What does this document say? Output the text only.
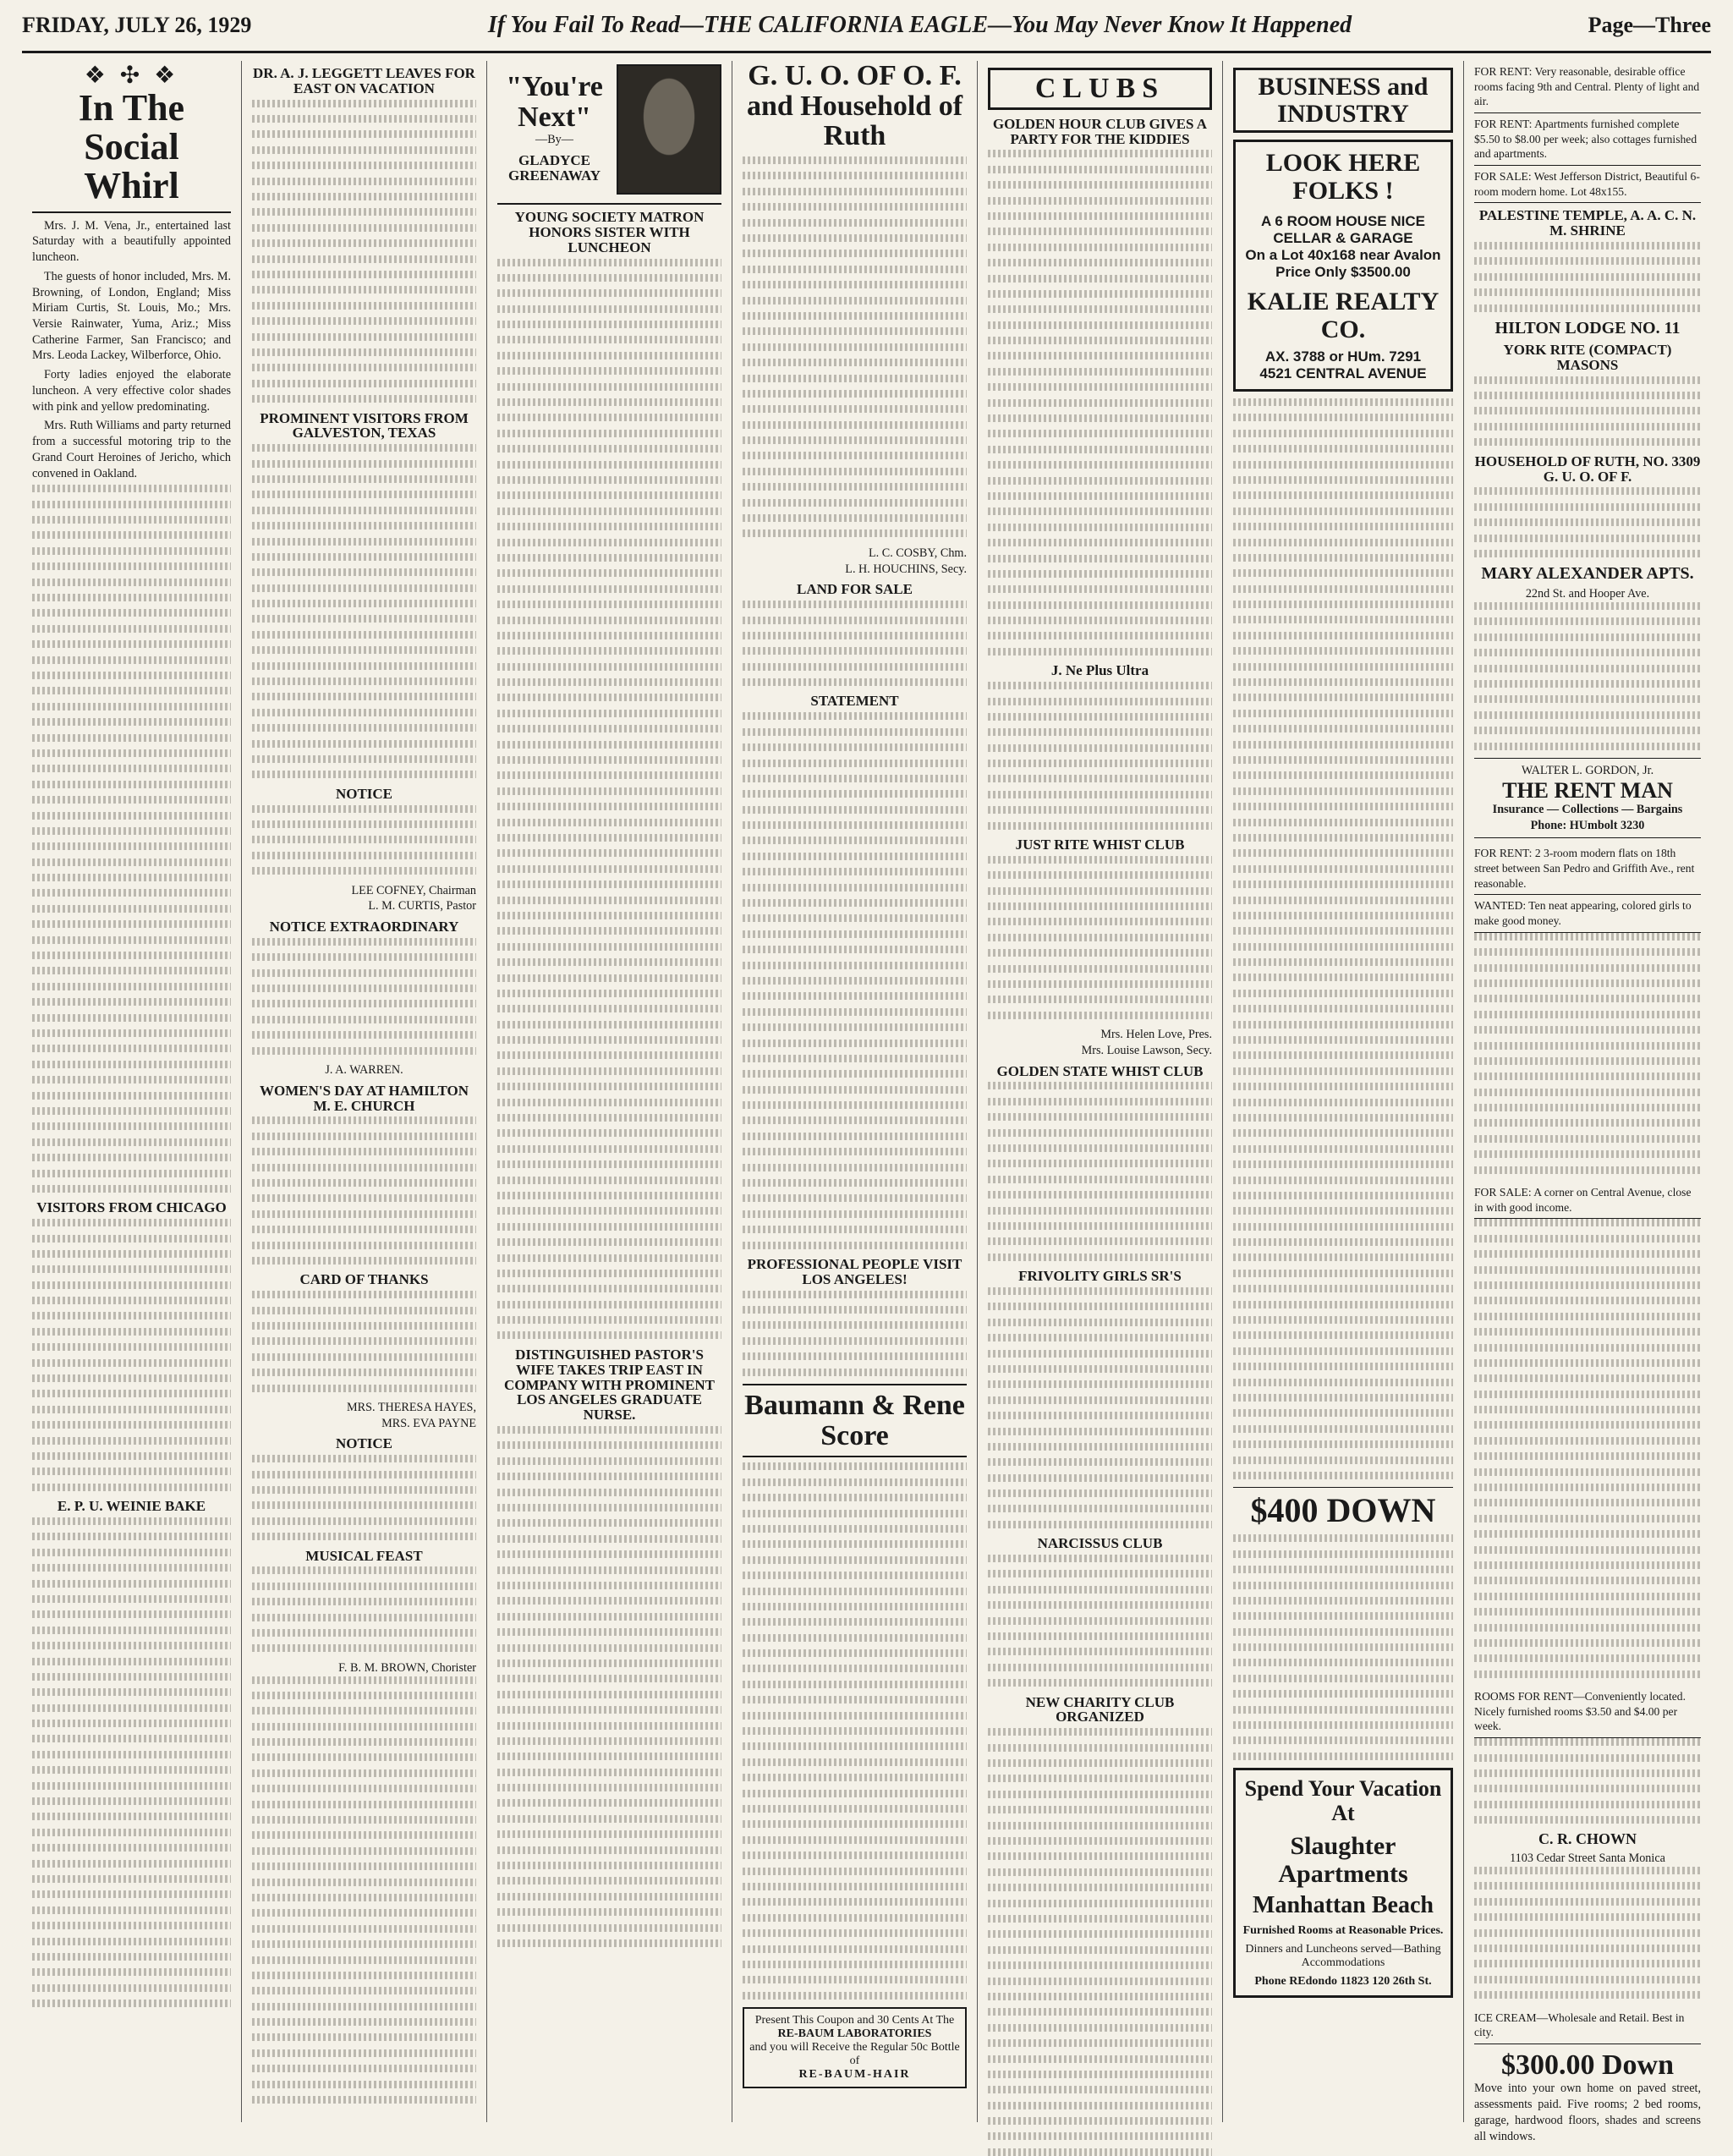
FRIDAY, JULY 26, 1929	If You Fail To Read—THE CALIFORNIA EAGLE—You May Never Know It Happened	Page—Three
❖ ✣ ❖
In The Social Whirl

Mrs. J. M. Vena, Jr., entertained last Saturday with a beautifully appointed luncheon.

The guests of honor included, Mrs. M. Browning, of London, England; Miss Miriam Curtis, St. Louis, Mo.; Mrs. Versie Rainwater, Yuma, Ariz.; Miss Catherine Farmer, San Francisco; and Mrs. Leoda Lackey, Wilberforce, Ohio.

Forty ladies enjoyed the elaborate luncheon. A very effective color shades with pink and yellow predominating.

Mrs. Ruth Williams and party returned from a successful motoring trip to the Grand Court Heroines of Jericho, which convened in Oakland.

VISITORS FROM CHICAGO
E. P. U. WEINIE BAKE
DR. A. J. LEGGETT LEAVES FOR EAST ON VACATION
PROMINENT VISITORS FROM GALVESTON, TEXAS
NOTICE
LEE COFNEY, Chairman
L. M. CURTIS, Pastor
NOTICE EXTRAORDINARY
J. A. WARREN.
WOMEN'S DAY AT HAMILTON M. E. CHURCH
CARD OF THANKS
MRS. THERESA HAYES,
MRS. EVA PAYNE
NOTICE
MUSICAL FEAST
F. B. M. BROWN, Chorister
"You're Next"
—By—
GLADYCE GREENAWAY
YOUNG SOCIETY MATRON HONORS SISTER WITH LUNCHEON
DISTINGUISHED PASTOR'S WIFE TAKES TRIP EAST IN COMPANY WITH PROMINENT LOS ANGELES GRADUATE NURSE.
G. U. O. OF O. F. and Household of Ruth
L. C. COSBY, Chm.
L. H. HOUCHINS, Secy.
LAND FOR SALE
STATEMENT
PROFESSIONAL PEOPLE VISIT LOS ANGELES!
Baumann & Rene Score
Present This Coupon and 30 Cents At The
RE-BAUM LABORATORIES
and you will Receive the Regular 50c Bottle of
RE-BAUM-HAIR
CLUBS
GOLDEN HOUR CLUB GIVES A PARTY FOR THE KIDDIES
J. Ne Plus Ultra
JUST RITE WHIST CLUB
Mrs. Helen Love, Pres.
Mrs. Louise Lawson, Secy.
GOLDEN STATE WHIST CLUB
FRIVOLITY GIRLS SR'S
NARCISSUS CLUB
NEW CHARITY CLUB ORGANIZED
BUSINESS and INDUSTRY
LOOK HERE FOLKS !
A 6 ROOM HOUSE NICE CELLAR & GARAGE
On a Lot 40x168 near Avalon
Price Only $3500.00
KALIE REALTY CO.
AX. 3788 or HUm. 7291
4521 CENTRAL AVENUE
$400 DOWN
Spend Your Vacation At
Slaughter Apartments
Manhattan Beach
Furnished Rooms at Reasonable Prices.
Dinners and Luncheons served—Bathing Accommodations
Phone REdondo 11823 120 26th St.
FOR RENT: Very reasonable, desirable office rooms facing 9th and Central. Plenty of light and air.
FOR RENT: Apartments furnished complete $5.50 to $8.00 per week; also cottages furnished and apartments.
FOR SALE: West Jefferson District, Beautiful 6-room modern home. Lot 48x155.
PALESTINE TEMPLE, A. A. C. N. M. SHRINE
HILTON LODGE NO. 11
YORK RITE (COMPACT) MASONS
HOUSEHOLD OF RUTH, NO. 3309 G. U. O. OF F.
MARY ALEXANDER APTS.
22nd St. and Hooper Ave.
WALTER L. GORDON, Jr.
THE RENT MAN
Insurance — Collections — Bargains Phone: HUmbolt 3230
FOR RENT: 2 3-room modern flats on 18th street between San Pedro and Griffith Ave., rent reasonable.
WANTED: Ten neat appearing, colored girls to make good money.
FOR SALE: A corner on Central Avenue, close in with good income.
ROOMS FOR RENT—Conveniently located. Nicely furnished rooms $3.50 and $4.00 per week.
C. R. CHOWN
1103 Cedar Street Santa Monica
ICE CREAM—Wholesale and Retail. Best in city.
$300.00 Down
Move into your own home on paved street, assessments paid. Five rooms; 2 bed rooms, garage, hardwood floors, shades and screens all windows.
